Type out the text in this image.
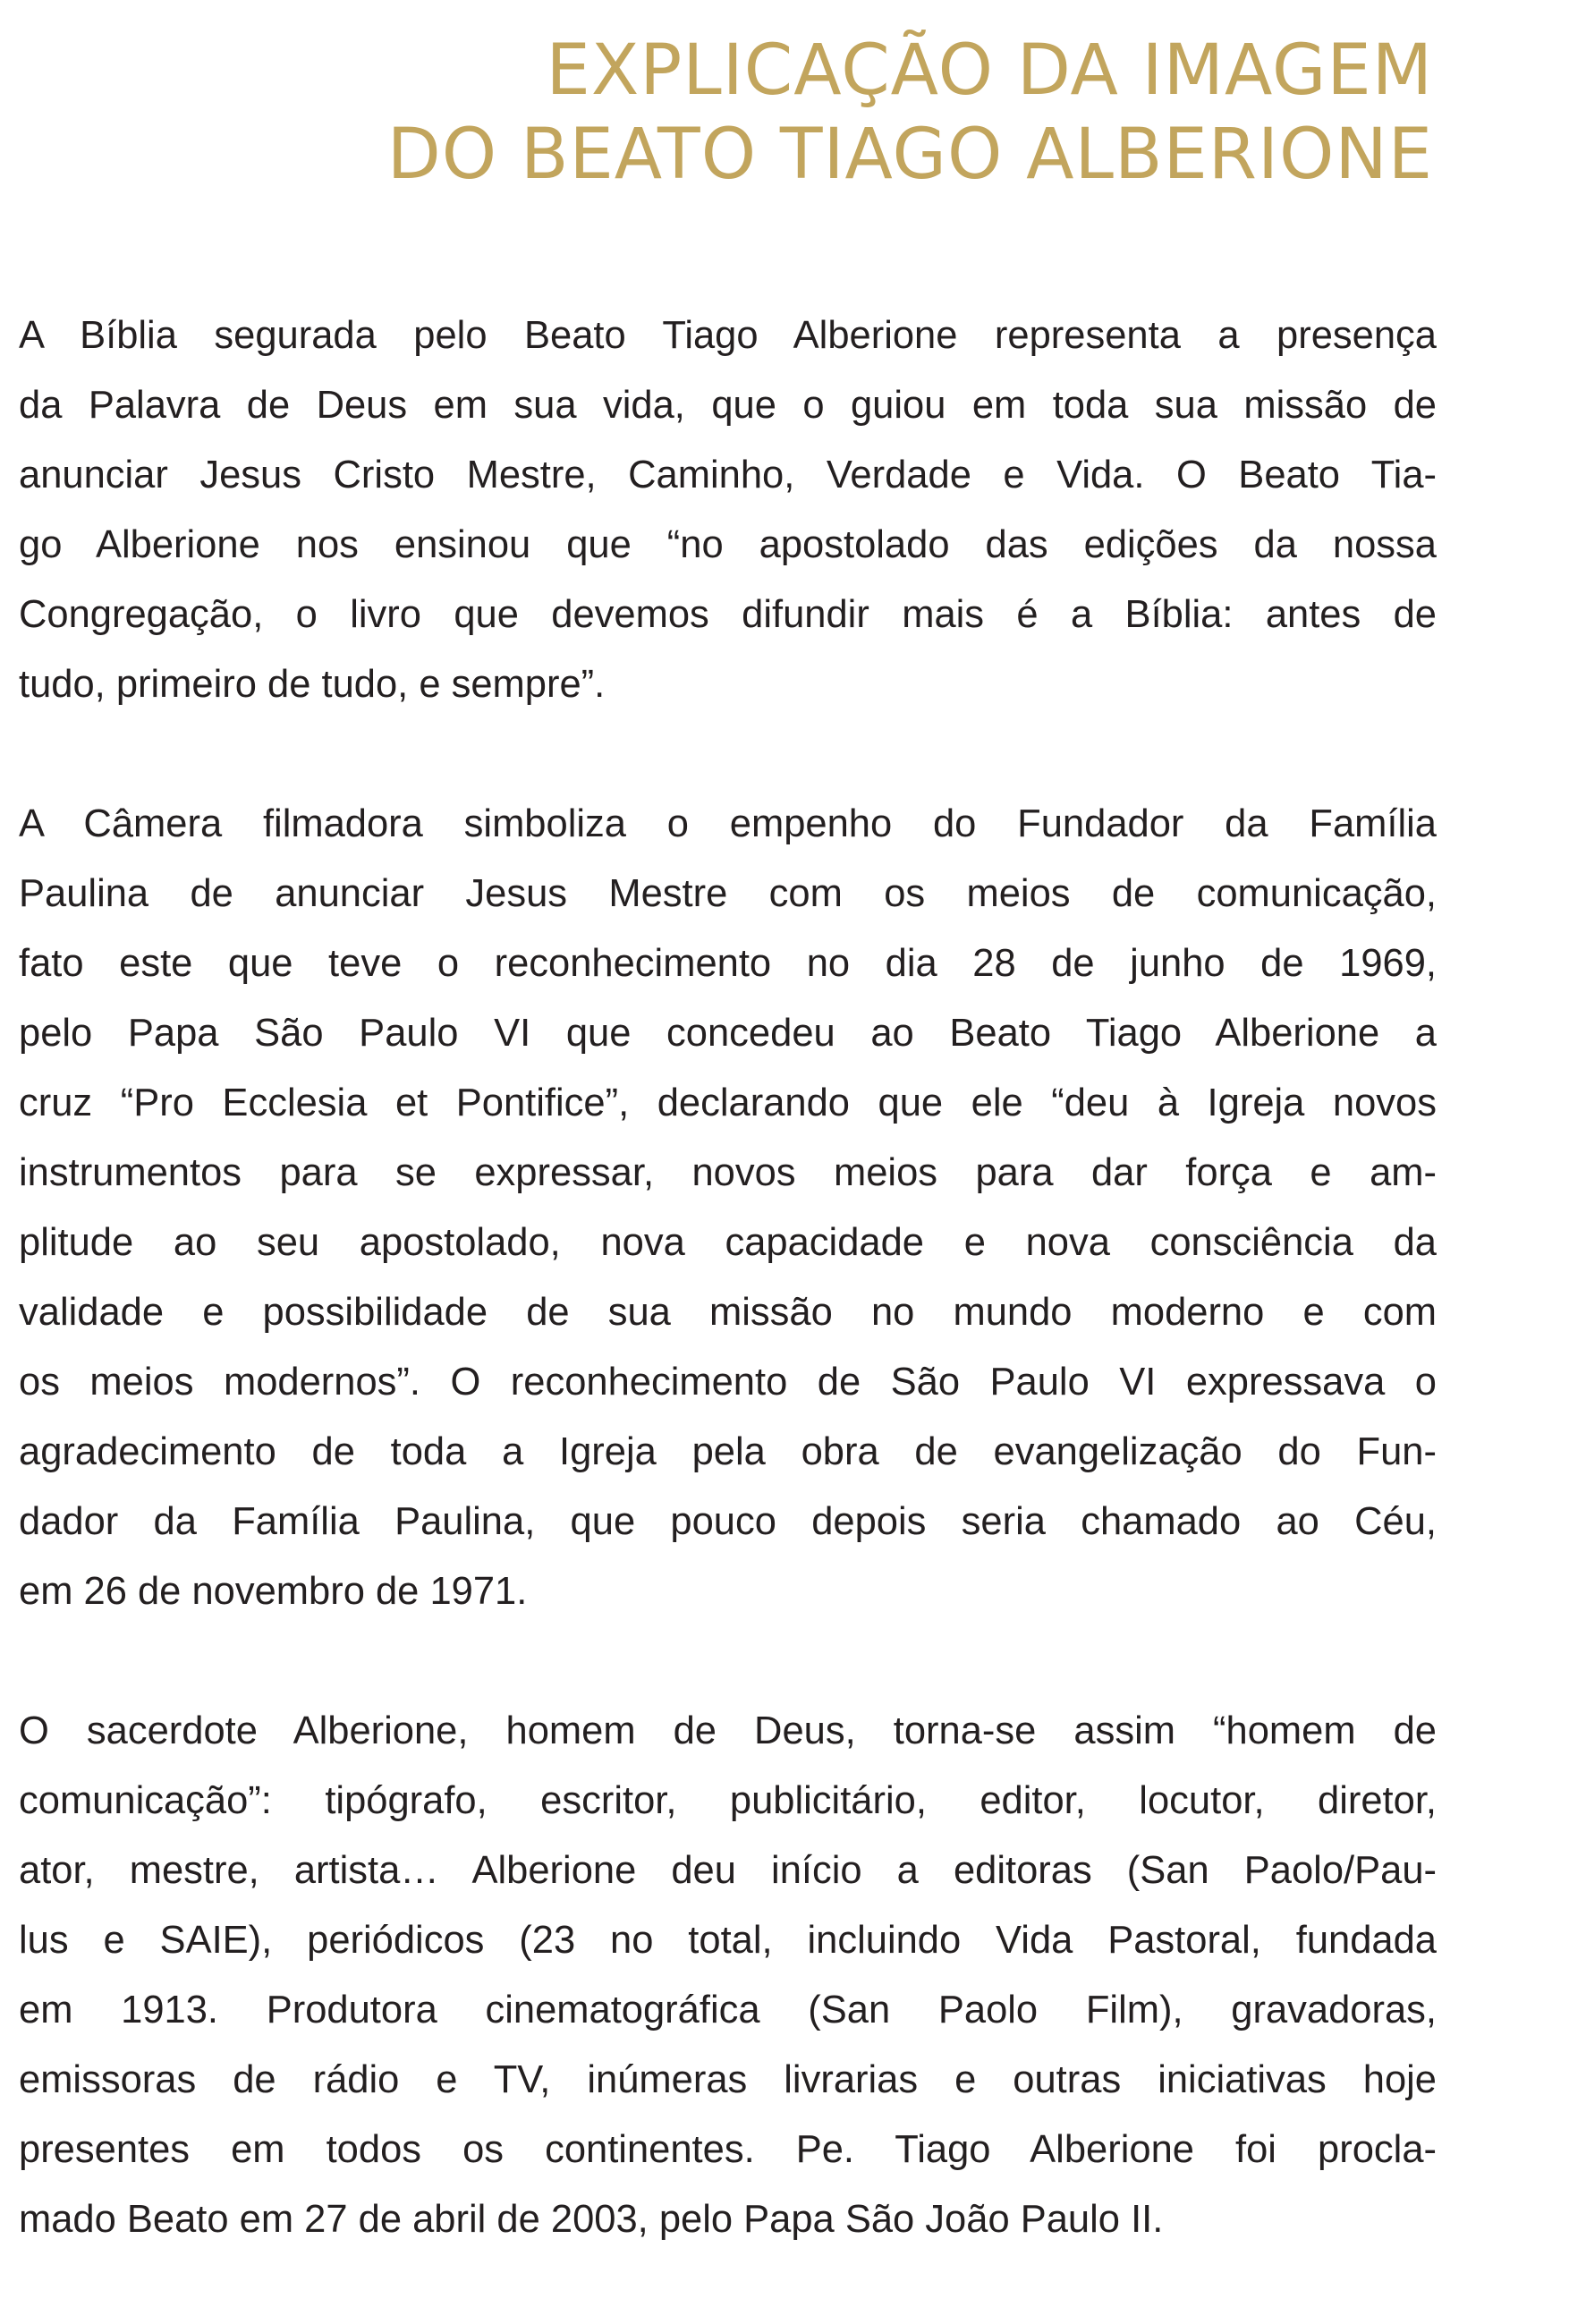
EXPLICAÇÃO DA IMAGEM
DO BEATO TIAGO ALBERIONE

A Bíblia segurada pelo Beato Tiago Alberione representa a presença
da Palavra de Deus em sua vida, que o guiou em toda sua missão de
anunciar Jesus Cristo Mestre, Caminho, Verdade e Vida. O Beato Tia-
go Alberione nos ensinou que “no apostolado das edições da nossa
Congregação, o livro que devemos difundir mais é a Bíblia: antes de
tudo, primeiro de tudo, e sempre”.

A Câmera filmadora simboliza o empenho do Fundador da Família
Paulina de anunciar Jesus Mestre com os meios de comunicação,
fato este que teve o reconhecimento no dia 28 de junho de 1969,
pelo Papa São Paulo VI que concedeu ao Beato Tiago Alberione a
cruz “Pro Ecclesia et Pontifice”, declarando que ele “deu à Igreja novos
instrumentos para se expressar, novos meios para dar força e am-
plitude ao seu apostolado, nova capacidade e nova consciência da
validade e possibilidade de sua missão no mundo moderno e com
os meios modernos”. O reconhecimento de São Paulo VI expressava o
agradecimento de toda a Igreja pela obra de evangelização do Fun-
dador da Família Paulina, que pouco depois seria chamado ao Céu,
em 26 de novembro de 1971.

O sacerdote Alberione, homem de Deus, torna-se assim “homem de
comunicação”: tipógrafo, escritor, publicitário, editor, locutor, diretor,
ator, mestre, artista… Alberione deu início a editoras (San Paolo/Pau-
lus e SAIE), periódicos (23 no total, incluindo Vida Pastoral, fundada
em 1913. Produtora cinematográfica (San Paolo Film), gravadoras,
emissoras de rádio e TV, inúmeras livrarias e outras iniciativas hoje
presentes em todos os continentes. Pe. Tiago Alberione foi procla-
mado Beato em 27 de abril de 2003, pelo Papa São João Paulo II.
